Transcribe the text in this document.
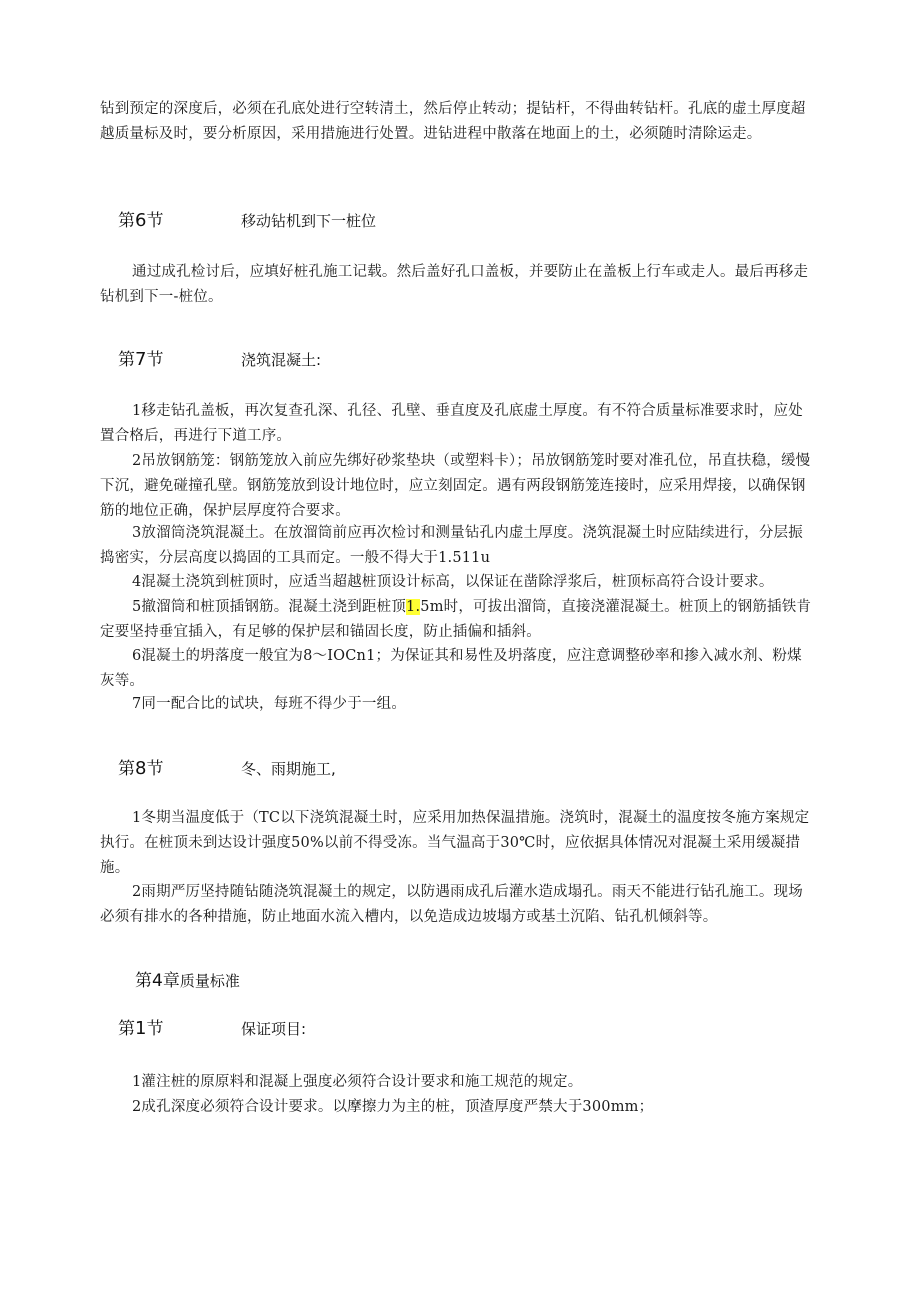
钻到预定的深度后，必须在孔底处进行空转清土，然后停止转动；提钻杆，不得曲转钻杆。孔底的虚土厚度超越质量标及时，要分析原因，采用措施进行处置。进钻进程中散落在地面上的土，必须随时清除运走。

第6节	移动钻机到下一桩位

通过成孔检讨后，应填好桩孔施工记载。然后盖好孔口盖板，并要防止在盖板上行车或走人。最后再移走钻机到下一-桩位。

第7节	浇筑混凝土:

1移走钻孔盖板，再次复查孔深、孔径、孔壁、垂直度及孔底虚土厚度。有不符合质量标准要求时，应处置合格后，再进行下道工序。

2吊放钢筋笼：钢筋笼放入前应先绑好砂浆垫块（或塑料卡）；吊放钢筋笼时要对准孔位，吊直扶稳，缓慢下沉，避免碰撞孔壁。钢筋笼放到设计地位时，应立刻固定。遇有两段钢筋笼连接时，应采用焊接，以确保钢筋的地位正确，保护层厚度符合要求。

3放溜筒浇筑混凝土。在放溜筒前应再次检讨和测量钻孔内虚土厚度。浇筑混凝土时应陆续进行，分层振捣密实，分层高度以捣固的工具而定。一般不得大于1.511u

4混凝土浇筑到桩顶时，应适当超越桩顶设计标高，以保证在凿除浮浆后，桩顶标高符合设计要求。

5撤溜筒和桩顶插钢筋。混凝土浇到距桩顶1.5m时，可拔出溜筒，直接浇灌混凝土。桩顶上的钢筋插铁肯定要坚持垂宜插入，有足够的保护层和锚固长度，防止插偏和插斜。

6混凝土的坍落度一般宜为8～IOCn1；为保证其和易性及坍落度，应注意调整砂率和掺入减水剂、粉煤灰等。

7同一配合比的试块，每班不得少于一组。

第8节	冬、雨期施工,

1冬期当温度低于（TC以下浇筑混凝土时，应采用加热保温措施。浇筑时，混凝土的温度按冬施方案规定执行。在桩顶未到达设计强度50%以前不得受冻。当气温高于30℃时，应依据具体情况对混凝土采用缓凝措施。

2雨期严厉坚持随钻随浇筑混凝土的规定，以防遇雨成孔后灌水造成塌孔。雨天不能进行钻孔施工。现场必须有排水的各种措施，防止地面水流入槽内，以免造成边坡塌方或基土沉陷、钻孔机倾斜等。

第4章质量标准
第1节	保证项目:

1灌注桩的原原料和混凝上强度必须符合设计要求和施工规范的规定。

2成孔深度必须符合设计要求。以摩擦力为主的桩，顶渣厚度严禁大于300mm；
